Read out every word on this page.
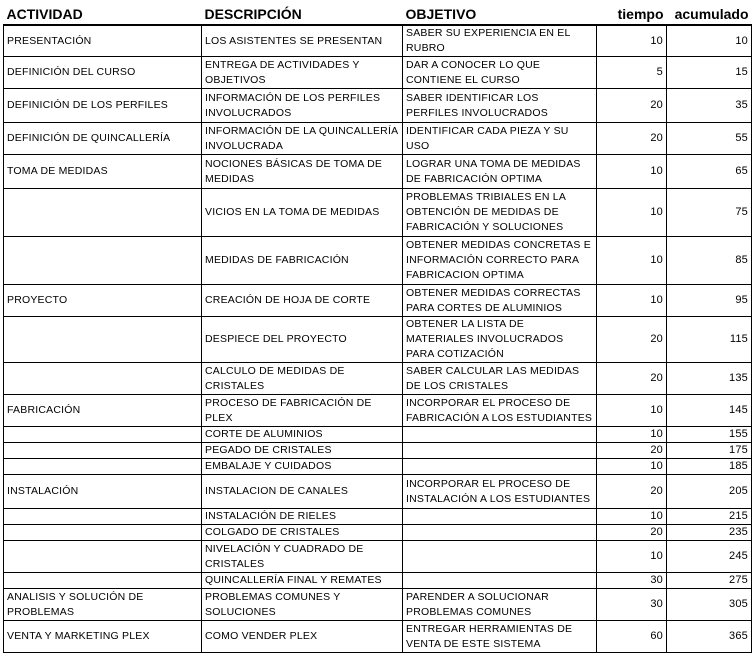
ACTIVIDAD	DESCRIPCIÓN	OBJETIVO	tiempo	acumulado
PRESENTACIÓN	LOS ASISTENTES SE PRESENTAN	SABER SU EXPERIENCIA EN EL RUBRO	10	10
DEFINICIÓN DEL CURSO	ENTREGA DE ACTIVIDADES Y OBJETIVOS	DAR A CONOCER LO QUE CONTIENE EL CURSO	5	15
DEFINICIÓN DE LOS PERFILES	INFORMACIÓN DE LOS PERFILES INVOLUCRADOS	SABER IDENTIFICAR LOS PERFILES INVOLUCRADOS	20	35
DEFINICIÓN DE QUINCALLERÍA	INFORMACIÓN DE LA QUINCALLERÍA INVOLUCRADA	IDENTIFICAR CADA PIEZA Y SU USO	20	55
TOMA DE MEDIDAS	NOCIONES BÁSICAS DE TOMA DE MEDIDAS	LOGRAR UNA TOMA DE MEDIDAS DE FABRICACIÓN OPTIMA	10	65
	VICIOS EN LA TOMA DE MEDIDAS	PROBLEMAS TRIBIALES EN LA OBTENCIÓN DE MEDIDAS DE FABRICACIÓN Y SOLUCIONES	10	75
	MEDIDAS DE FABRICACIÓN	OBTENER MEDIDAS CONCRETAS E INFORMACIÓN CORRECTO PARA FABRICACION OPTIMA	10	85
PROYECTO	CREACIÓN DE HOJA DE CORTE	OBTENER MEDIDAS CORRECTAS PARA CORTES DE ALUMINIOS	10	95
	DESPIECE DEL PROYECTO	OBTENER LA LISTA DE MATERIALES INVOLUCRADOS PARA COTIZACIÓN	20	115
	CALCULO DE MEDIDAS DE CRISTALES	SABER CALCULAR LAS MEDIDAS DE LOS CRISTALES	20	135
FABRICACIÓN	PROCESO DE FABRICACIÓN DE PLEX	INCORPORAR EL PROCESO DE FABRICACIÓN A LOS ESTUDIANTES	10	145
	CORTE DE ALUMINIOS		10	155
	PEGADO DE CRISTALES		20	175
	EMBALAJE Y CUIDADOS		10	185
INSTALACIÓN	INSTALACION DE CANALES	INCORPORAR EL PROCESO DE INSTALACIÓN A LOS ESTUDIANTES	20	205
	INSTALACIÓN DE RIELES		10	215
	COLGADO DE CRISTALES		20	235
	NIVELACIÓN Y CUADRADO DE CRISTALES		10	245
	QUINCALLERÍA FINAL Y REMATES		30	275
ANALISIS Y SOLUCIÓN DE PROBLEMAS	PROBLEMAS COMUNES Y SOLUCIONES	PARENDER A SOLUCIONAR PROBLEMAS COMUNES	30	305
VENTA Y MARKETING PLEX	COMO VENDER PLEX	ENTREGAR HERRAMIENTAS DE VENTA DE ESTE SISTEMA	60	365
